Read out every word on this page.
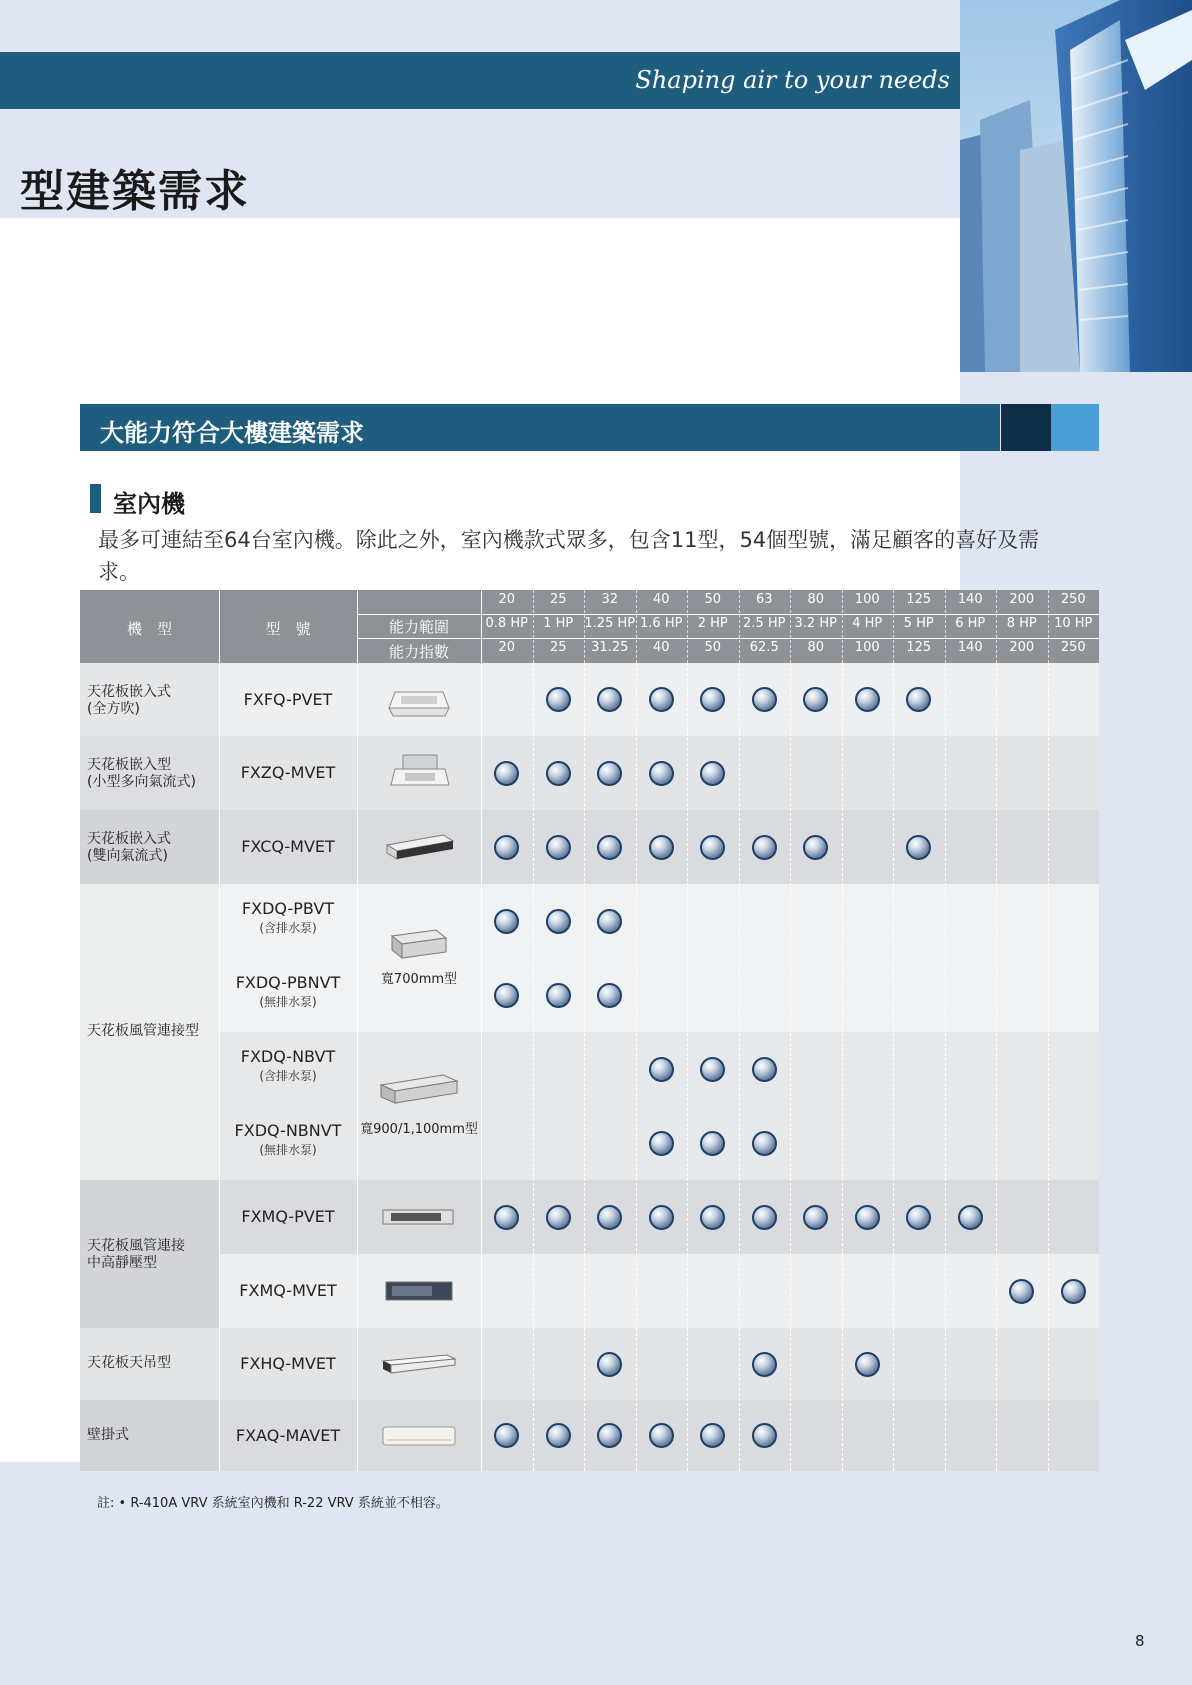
Shaping air to your needs
型建築需求
大能力符合大樓建築需求
室內機
最多可連結至64台室內機。除此之外，室內機款式眾多，包含11型，54個型號，滿足顧客的喜好及需求。
機　型	型　號	能力範圍
能力指數
20
0.8 HP
20
25
1 HP
25
32
1.25 HP
31.25
40
1.6 HP
40
50
2 HP
50
63
2.5 HP
62.5
80
3.2 HP
80
100
4 HP
100
125
5 HP
125
140
6 HP
140
200
8 HP
200
250
10 HP
250
天花板嵌入式
(全方吹)
天花板嵌入型
(小型多向氣流式)
天花板嵌入式
(雙向氣流式)
天花板風管連接型
天花板風管連接
中高靜壓型
天花板天吊型
壁掛式
FXFQ-PVET
FXZQ-MVET
FXCQ-MVET
FXDQ-PBVT
(含排水泵)
FXDQ-PBNVT
(無排水泵)
FXDQ-NBVT
(含排水泵)
FXDQ-NBNVT
(無排水泵)
FXMQ-PVET
FXMQ-MVET
FXHQ-MVET
FXAQ-MAVET
寬700mm型
寬900/1,100mm型
註: • R-410A VRV 系統室內機和 R-22 VRV 系統並不相容。
8
